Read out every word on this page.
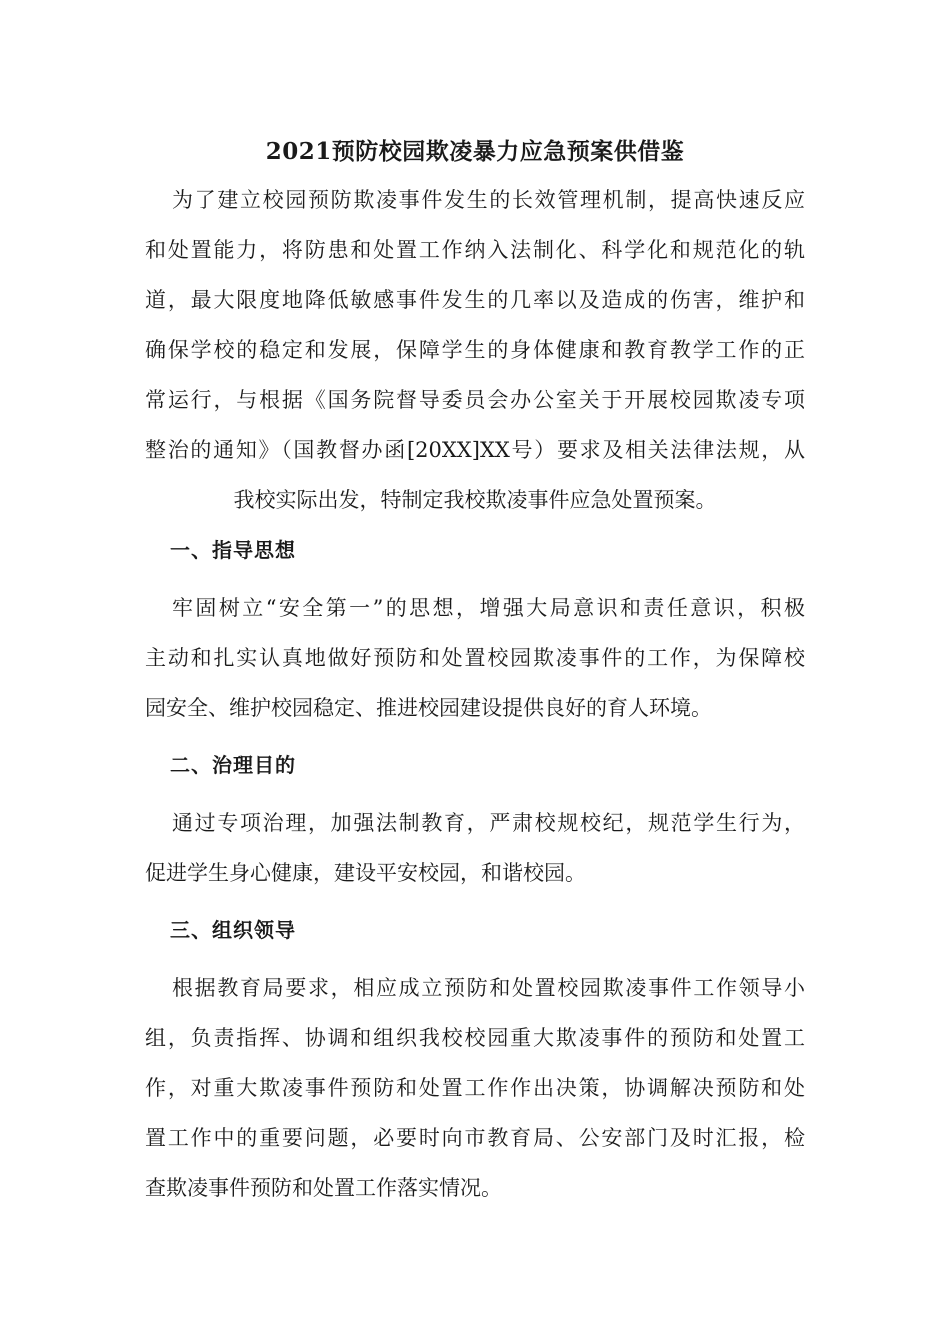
2021预防校园欺凌暴力应急预案供借鉴
为了建立校园预防欺凌事件发生的长效管理机制，提高快速反应
和处置能力，将防患和处置工作纳入法制化、科学化和规范化的轨
道，最大限度地降低敏感事件发生的几率以及造成的伤害，维护和
确保学校的稳定和发展，保障学生的身体健康和教育教学工作的正
常运行，与根据《国务院督导委员会办公室关于开展校园欺凌专项
整治的通知》（国教督办函[20XX]XX号）要求及相关法律法规，从
我校实际出发，特制定我校欺凌事件应急处置预案。
一、指导思想
牢固树立“安全第一”的思想，增强大局意识和责任意识，积极
主动和扎实认真地做好预防和处置校园欺凌事件的工作，为保障校
园安全、维护校园稳定、推进校园建设提供良好的育人环境。
二、治理目的
通过专项治理，加强法制教育，严肃校规校纪，规范学生行为，
促进学生身心健康，建设平安校园，和谐校园。
三、组织领导
根据教育局要求，相应成立预防和处置校园欺凌事件工作领导小
组，负责指挥、协调和组织我校校园重大欺凌事件的预防和处置工
作，对重大欺凌事件预防和处置工作作出决策，协调解决预防和处
置工作中的重要问题，必要时向市教育局、公安部门及时汇报，检
查欺凌事件预防和处置工作落实情况。
